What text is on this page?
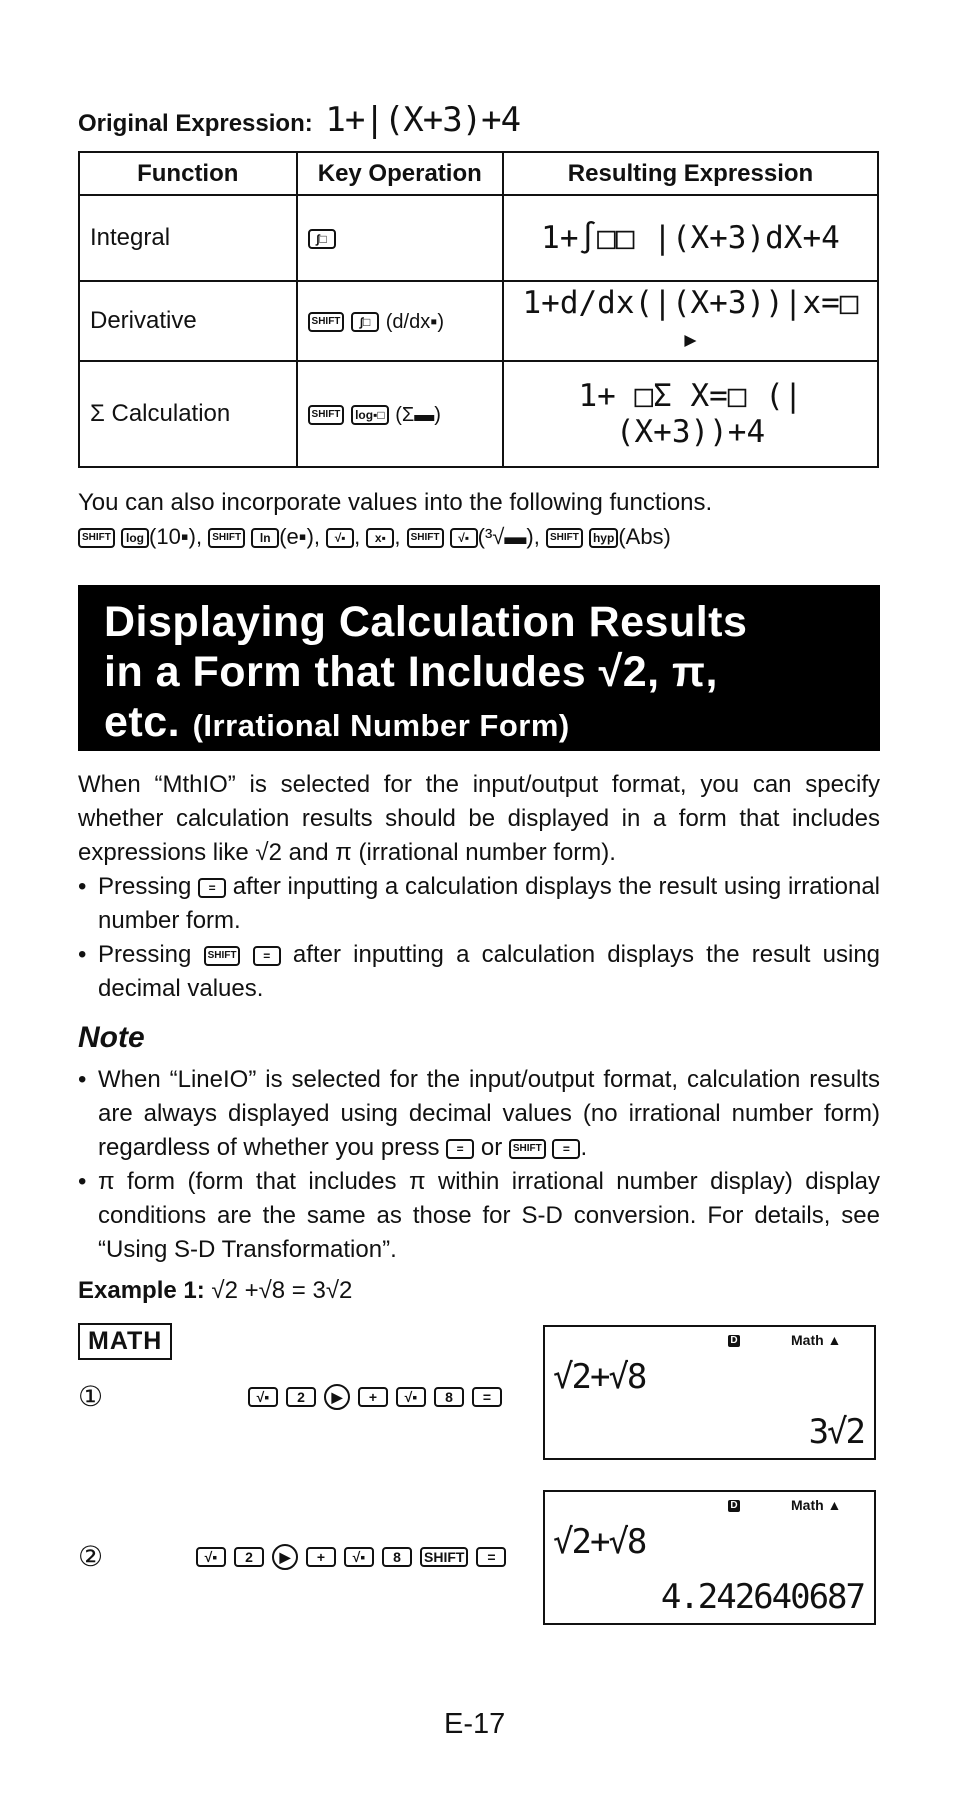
Original Expression: 1+|(X+3)+4
Function	Key Operation	Resulting Expression
Integral	∫□	1+∫□□ |(X+3)dX+4
Derivative	SHIFT ∫□ (d/dx▪)	1+d/dx(|(X+3))|x=□ ▸
Σ Calculation	SHIFT log▪□ (Σ▬)	1+ □Σ X=□ (|(X+3))+4
You can also incorporate values into the following functions.
SHIFT log (10▪), SHIFT ln (e▪), √▪ , x▪ , SHIFT √▪ (³√▬), SHIFT hyp (Abs)
Displaying Calculation Results
in a Form that Includes √2, π,
etc. (Irrational Number Form)

When “MthIO” is selected for the input/output format, you can specify whether calculation results should be displayed in a form that includes expressions like √2 and π (irrational number form).

• Pressing = after inputting a calculation displays the result using irrational number form.
• Pressing SHIFT = after inputting a calculation displays the result using decimal values.
Note
• When “LineIO” is selected for the input/output format, calculation results are always displayed using decimal values (no irrational number form) regardless of whether you press = or SHIFT = .
• π form (form that includes π within irrational number display) display conditions are the same as those for S-D conversion. For details, see “Using S-D Transformation”.
Example 1: √2 +√8 = 3√2
MATH
①	√▪	2	▶	+	√▪	8	=
D	Math ▲
√2+√8
3√2
②	√▪	2	▶	+	√▪	8	SHIFT	=
D	Math ▲
√2+√8
4.242640687
E-17
